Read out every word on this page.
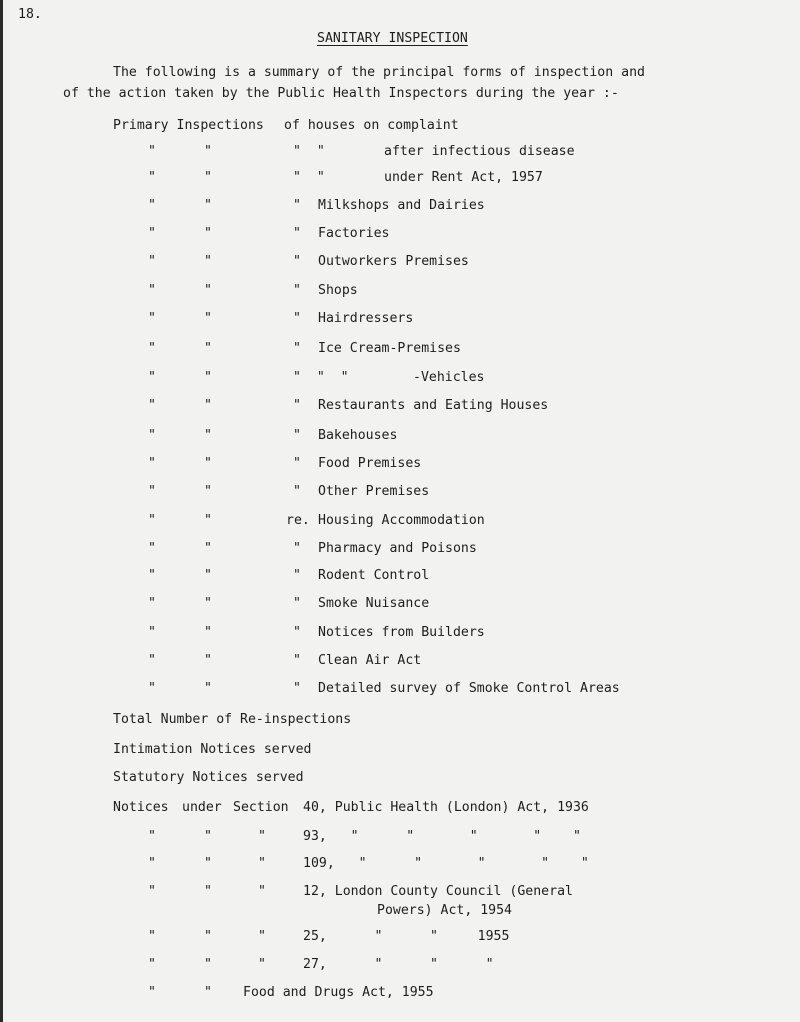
18.
SANITARY INSPECTION
The following is a summary of the principal forms of inspection and
of the action taken by the Public Health Inspectors during the year :-
Primary Inspections of houses on complaint
"	"	"  "	after infectious disease
"	"	"  "	under Rent Act, 1957
"	"	" Milkshops and Dairies
"	"	" Factories
"	"	" Outworkers Premises
"	"	" Shops
"	"	" Hairdressers
"	"	" Ice Cream-Premises
"	"	"  "  "	-Vehicles
"	"	" Restaurants and Eating Houses
"	"	" Bakehouses
"	"	" Food Premises
"	"	" Other Premises
"	"	re. Housing Accommodation
"	"	" Pharmacy and Poisons
"	"	" Rodent Control
"	"	" Smoke Nuisance
"	"	" Notices from Builders
"	"	" Clean Air Act
"	"	" Detailed survey of Smoke Control Areas
Total Number of Re-inspections
Intimation Notices served
Statutory Notices served
Notices under Section 40, Public Health (London) Act, 1936
"	"	"	93,   "      "       "       "    "
"	"	"	109,   "      "       "       "    "
"	"	"	12, London County Council (General
Powers) Act, 1954
"	"	"	25,      "      "     1955
"	"	"	27,      "      "      "
"	" Food and Drugs Act, 1955
